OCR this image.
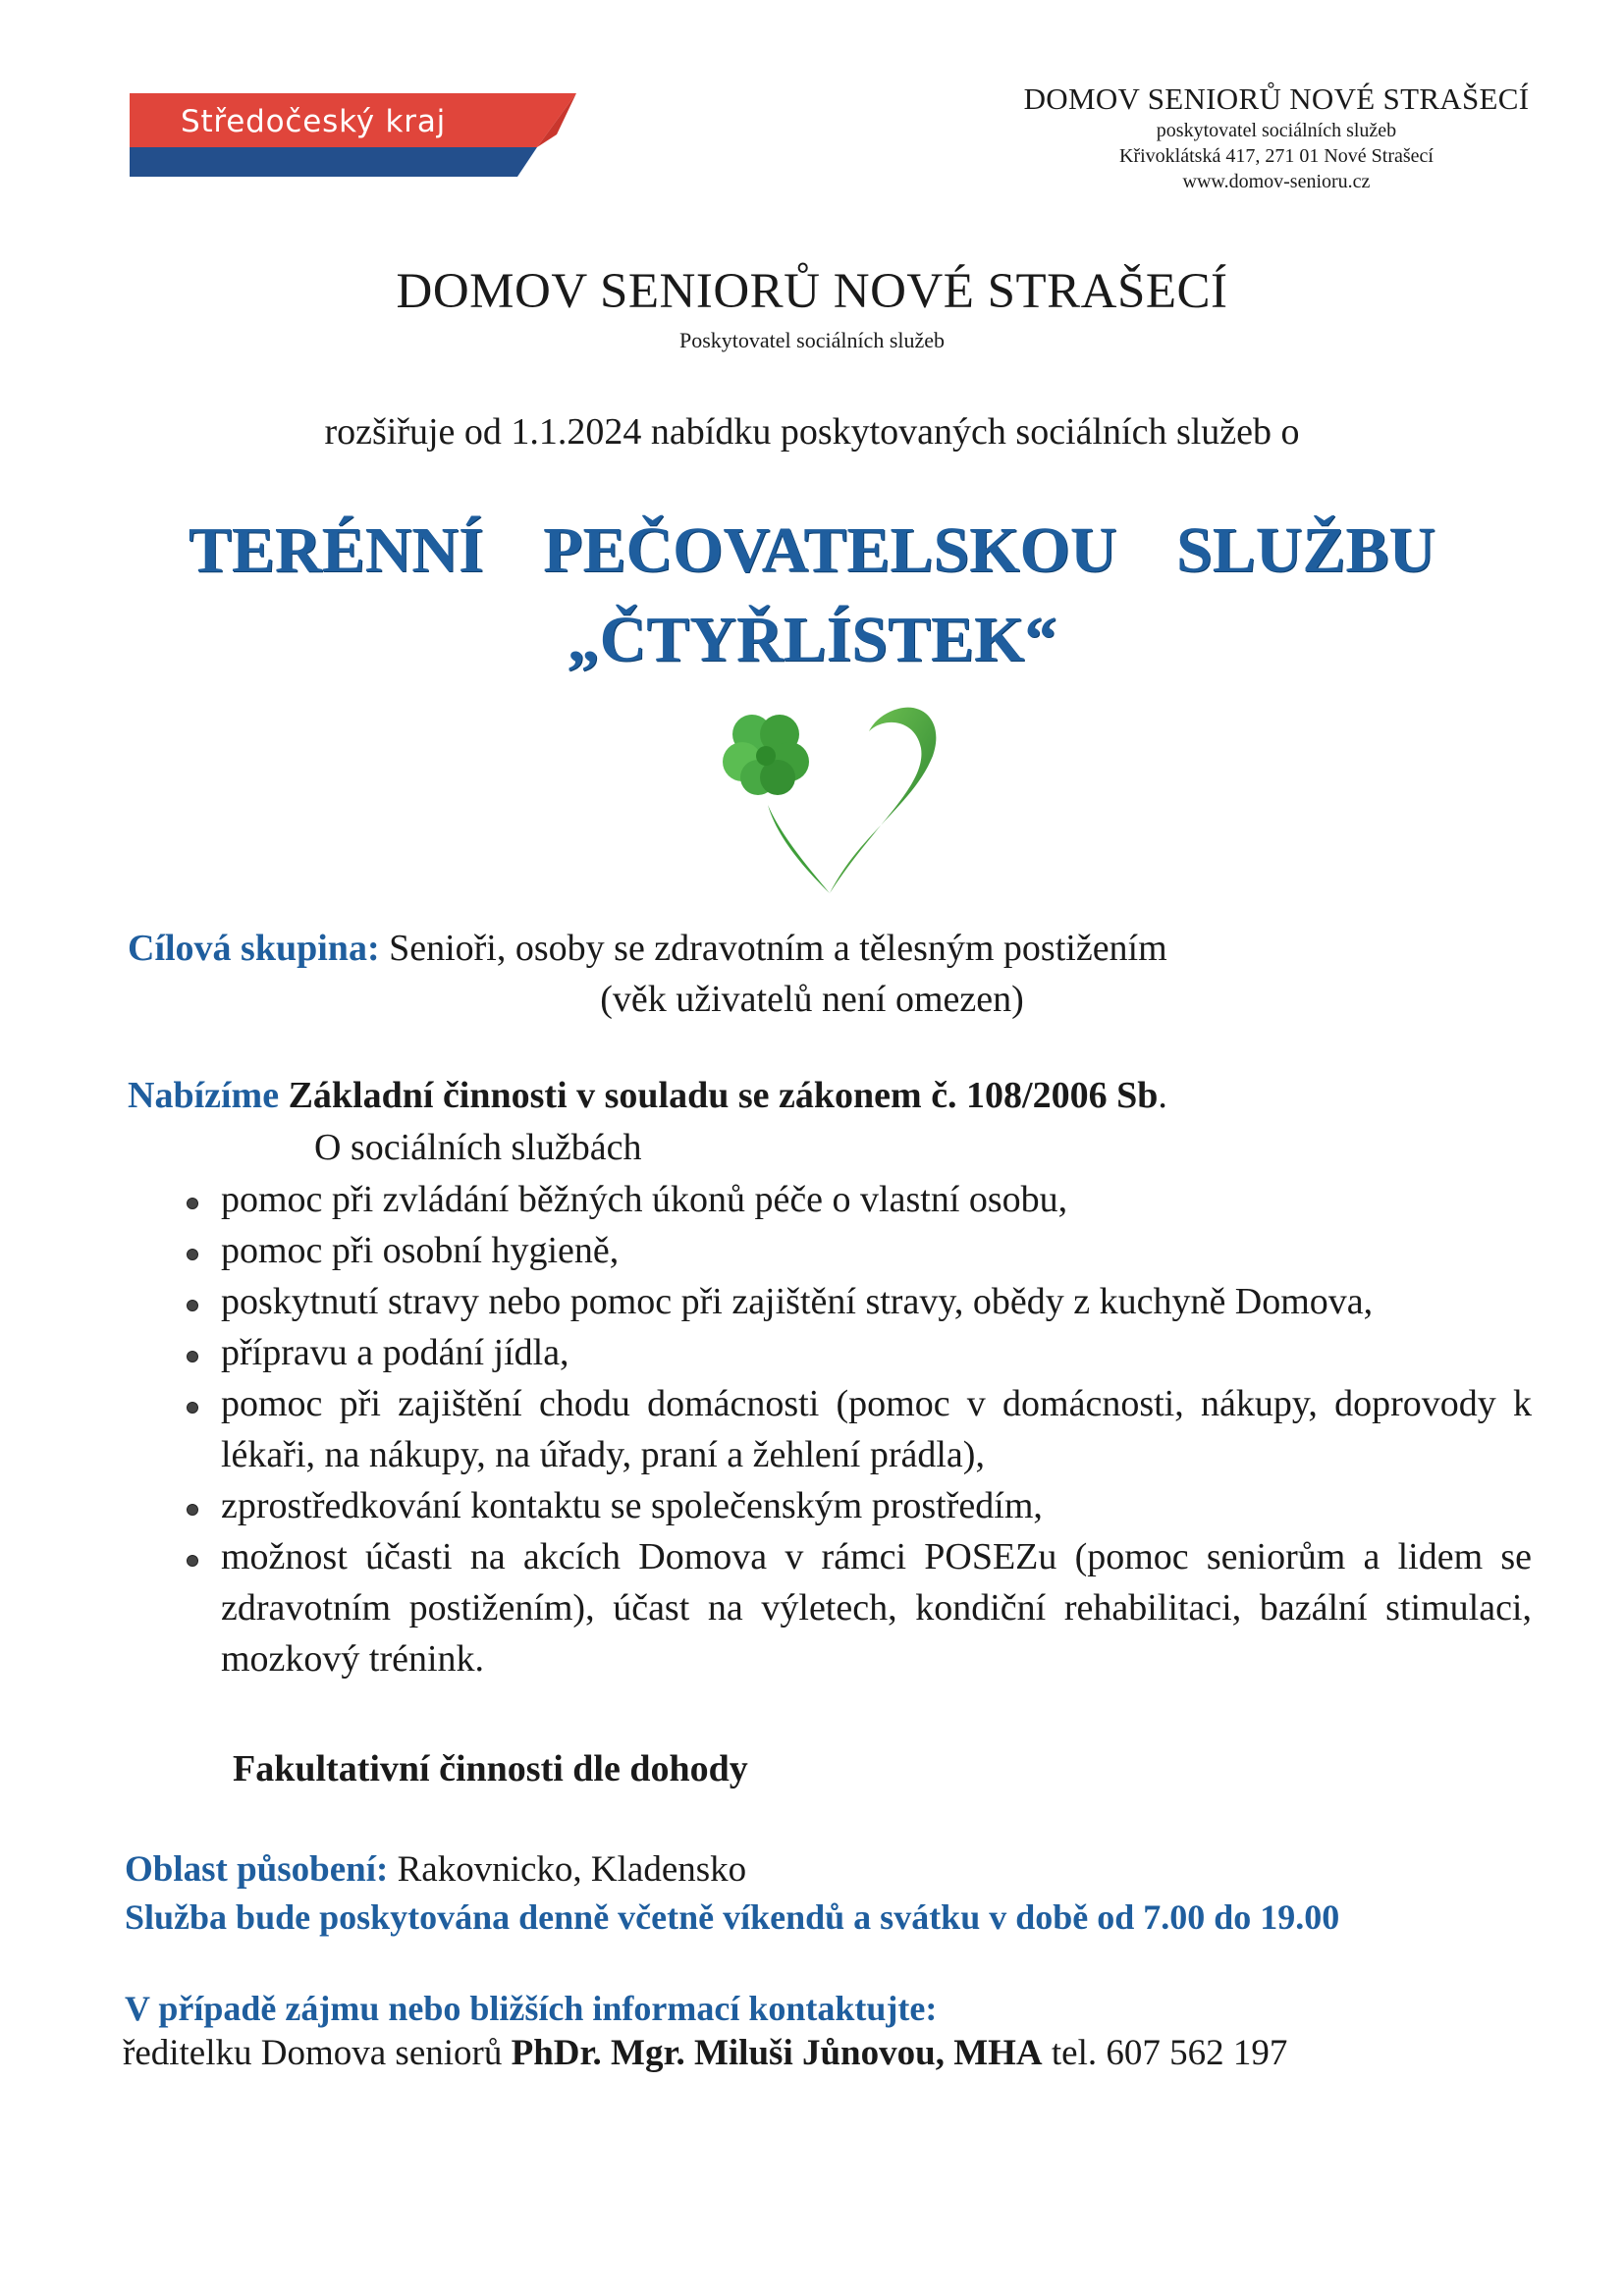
Středočeský kraj
DOMOV SENIORŮ NOVÉ STRAŠECÍ
poskytovatel sociálních služeb
Křivoklátská 417, 271 01 Nové Strašecí
www.domov-senioru.cz
DOMOV SENIORŮ NOVÉ STRAŠECÍ
Poskytovatel sociálních služeb
rozšiřuje od 1.1.2024 nabídku poskytovaných sociálních služeb o
TERÉNNÍ PEČOVATELSKOU SLUŽBU
„ČTYŘLÍSTEK“
Cílová skupina: Senioři, osoby se zdravotním a tělesným postižením
(věk uživatelů není omezen)
Nabízíme Základní činnosti v souladu se zákonem č. 108/2006 Sb.
O sociálních službách
pomoc při zvládání běžných úkonů péče o vlastní osobu,
pomoc při osobní hygieně,
poskytnutí stravy nebo pomoc při zajištění stravy, obědy z kuchyně Domova,
přípravu a podání jídla,
pomoc při zajištění chodu domácnosti (pomoc v domácnosti, nákupy, doprovody k lékaři, na nákupy, na úřady, praní a žehlení prádla),
zprostředkování kontaktu se společenským prostředím,
možnost účasti na akcích Domova v rámci POSEZu (pomoc seniorům a lidem se zdravotním postižením), účast na výletech, kondiční rehabilitaci, bazální stimulaci, mozkový trénink.
Fakultativní činnosti dle dohody
Oblast působení: Rakovnicko, Kladensko
Služba bude poskytována denně včetně víkendů a svátku v době od 7.00 do 19.00
V případě zájmu nebo bližších informací kontaktujte:
ředitelku Domova seniorů PhDr. Mgr. Miluši Jůnovou, MHA tel. 607 562 197
